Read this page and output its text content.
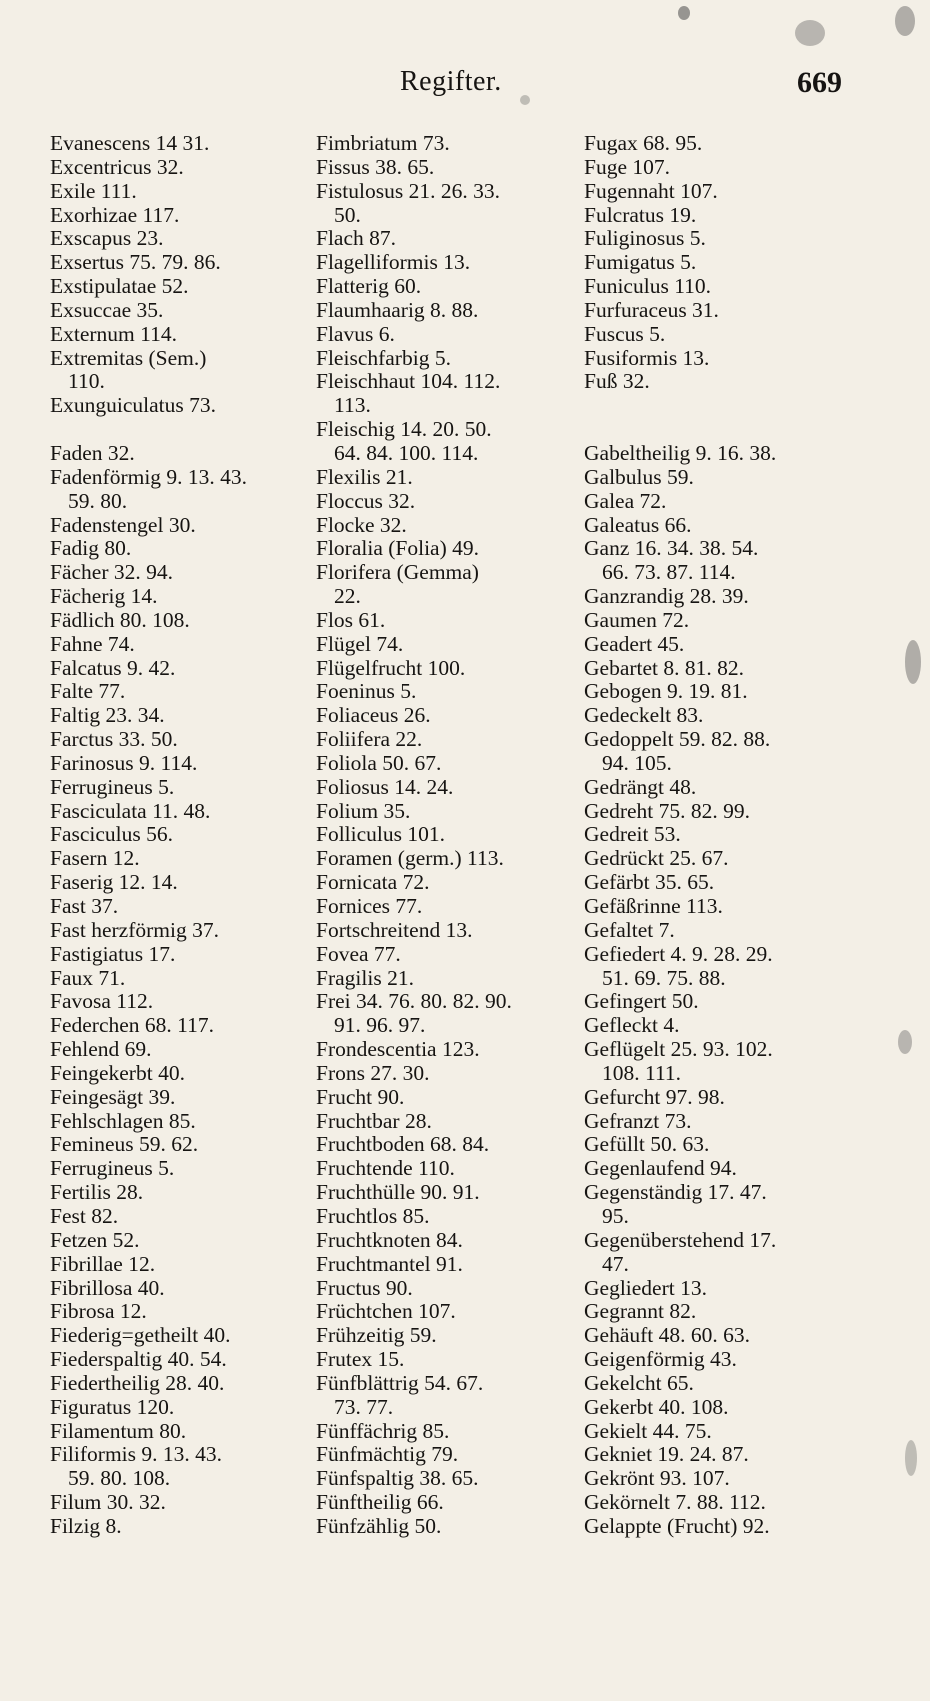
Regifter.	669
Evanescens 14 31.
Excentricus 32.
Exile 111.
Exorhizae 117.
Exscapus 23.
Exsertus 75. 79. 86.
Exstipulatae 52.
Exsuccae 35.
Externum 114.
Extremitas (Sem.)
110.
Exunguiculatus 73.
Faden 32.
Fadenförmig 9. 13. 43.
59. 80.
Fadenstengel 30.
Fadig 80.
Fächer 32. 94.
Fächerig 14.
Fädlich 80. 108.
Fahne 74.
Falcatus 9. 42.
Falte 77.
Faltig 23. 34.
Farctus 33. 50.
Farinosus 9. 114.
Ferrugineus 5.
Fasciculata 11. 48.
Fasciculus 56.
Fasern 12.
Faserig 12. 14.
Fast 37.
Fast herzförmig 37.
Fastigiatus 17.
Faux 71.
Favosa 112.
Federchen 68. 117.
Fehlend 69.
Feingekerbt 40.
Feingesägt 39.
Fehlschlagen 85.
Femineus 59. 62.
Ferrugineus 5.
Fertilis 28.
Fest 82.
Fetzen 52.
Fibrillae 12.
Fibrillosa 40.
Fibrosa 12.
Fiederig=getheilt 40.
Fiederspaltig 40. 54.
Fiedertheilig 28. 40.
Figuratus 120.
Filamentum 80.
Filiformis 9. 13. 43.
59. 80. 108.
Filum 30. 32.
Filzig 8.
Fimbriatum 73.
Fissus 38. 65.
Fistulosus 21. 26. 33.
50.
Flach 87.
Flagelliformis 13.
Flatterig 60.
Flaumhaarig 8. 88.
Flavus 6.
Fleischfarbig 5.
Fleischhaut 104. 112.
113.
Fleischig 14. 20. 50.
64. 84. 100. 114.
Flexilis 21.
Floccus 32.
Flocke 32.
Floralia (Folia) 49.
Florifera (Gemma)
22.
Flos 61.
Flügel 74.
Flügelfrucht 100.
Foeninus 5.
Foliaceus 26.
Foliifera 22.
Foliola 50. 67.
Foliosus 14. 24.
Folium 35.
Folliculus 101.
Foramen (germ.) 113.
Fornicata 72.
Fornices 77.
Fortschreitend 13.
Fovea 77.
Fragilis 21.
Frei 34. 76. 80. 82. 90.
91. 96. 97.
Frondescentia 123.
Frons 27. 30.
Frucht 90.
Fruchtbar 28.
Fruchtboden 68. 84.
Fruchtende 110.
Fruchthülle 90. 91.
Fruchtlos 85.
Fruchtknoten 84.
Fruchtmantel 91.
Fructus 90.
Früchtchen 107.
Frühzeitig 59.
Frutex 15.
Fünfblättrig 54. 67.
73. 77.
Fünffächrig 85.
Fünfmächtig 79.
Fünfspaltig 38. 65.
Fünftheilig 66.
Fünfzählig 50.
Fugax 68. 95.
Fuge 107.
Fugennaht 107.
Fulcratus 19.
Fuliginosus 5.
Fumigatus 5.
Funiculus 110.
Furfuraceus 31.
Fuscus 5.
Fusiformis 13.
Fuß 32.
Gabeltheilig 9. 16. 38.
Galbulus 59.
Galea 72.
Galeatus 66.
Ganz 16. 34. 38. 54.
66. 73. 87. 114.
Ganzrandig 28. 39.
Gaumen 72.
Geadert 45.
Gebartet 8. 81. 82.
Gebogen 9. 19. 81.
Gedeckelt 83.
Gedoppelt 59. 82. 88.
94. 105.
Gedrängt 48.
Gedreht 75. 82. 99.
Gedreit 53.
Gedrückt 25. 67.
Gefärbt 35. 65.
Gefäßrinne 113.
Gefaltet 7.
Gefiedert 4. 9. 28. 29.
51. 69. 75. 88.
Gefingert 50.
Gefleckt 4.
Geflügelt 25. 93. 102.
108. 111.
Gefurcht 97. 98.
Gefranzt 73.
Gefüllt 50. 63.
Gegenlaufend 94.
Gegenständig 17. 47.
95.
Gegenüberstehend 17.
47.
Gegliedert 13.
Gegrannt 82.
Gehäuft 48. 60. 63.
Geigenförmig 43.
Gekelcht 65.
Gekerbt 40. 108.
Gekielt 44. 75.
Gekniet 19. 24. 87.
Gekrönt 93. 107.
Gekörnelt 7. 88. 112.
Gelappte (Frucht) 92.
